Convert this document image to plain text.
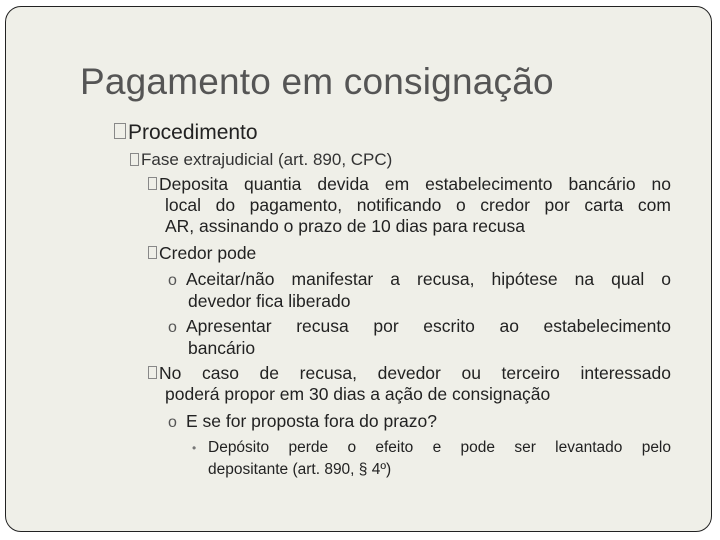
Pagamento em consignação
Procedimento
Fase extrajudicial (art. 890, CPC)
Deposita quantia devida em estabelecimento bancário no
local do pagamento, notificando o credor por carta com
AR, assinando o prazo de 10 dias para recusa
Credor pode
o Aceitar/não manifestar a recusa, hipótese na qual o
devedor fica liberado
o Apresentar recusa por escrito ao estabelecimento
bancário
No caso de recusa, devedor ou terceiro interessado
poderá propor em 30 dias a ação de consignação
o E se for proposta fora do prazo?
• Depósito perde o efeito e pode ser levantado pelo
depositante (art. 890, § 4º)
